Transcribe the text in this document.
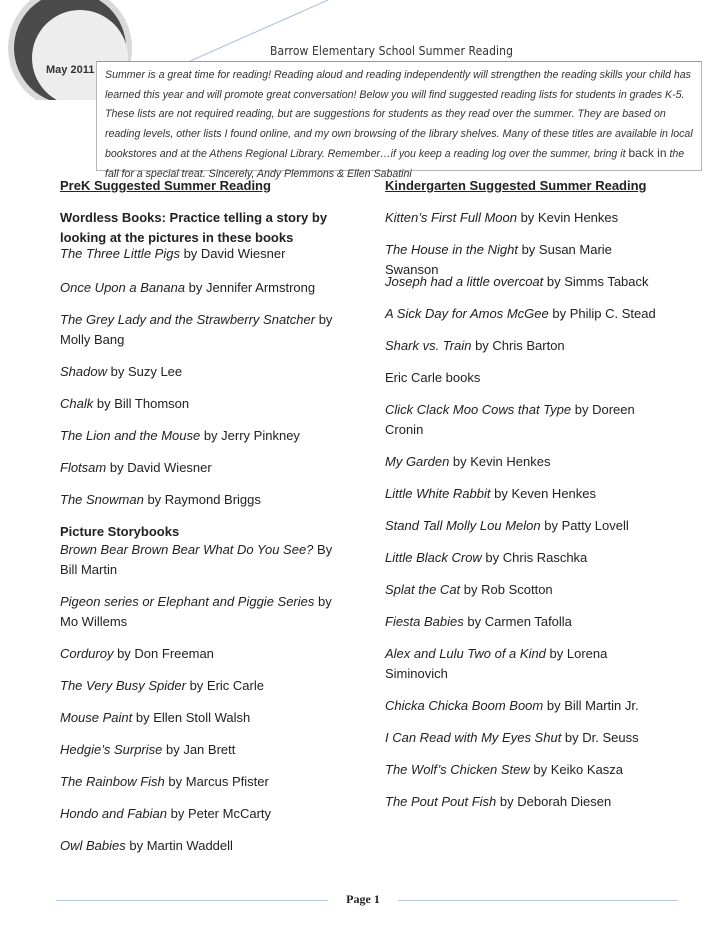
Barrow Elementary School Summer Reading
May 2011 Summer is a great time for reading! Reading aloud and reading independently will strengthen the reading skills your child has learned this year and will promote great conversation! Below you will find suggested reading lists for students in grades K-5. These lists are not required reading, but are suggestions for students as they read over the summer. They are based on reading levels, other lists I found online, and my own browsing of the library shelves. Many of these titles are available in local bookstores and at the Athens Regional Library. Remember…if you keep a reading log over the summer, bring it back in the fall for a special treat. Sincerely, Andy Plemmons & Ellen Sabatini
PreK Suggested Summer Reading
Wordless Books: Practice telling a story by looking at the pictures in these books
The Three Little Pigs by David Wiesner
Once Upon a Banana by Jennifer Armstrong
The Grey Lady and the Strawberry Snatcher by Molly Bang
Shadow by Suzy Lee
Chalk by Bill Thomson
The Lion and the Mouse by Jerry Pinkney
Flotsam by David Wiesner
The Snowman by Raymond Briggs
Picture Storybooks
Brown Bear Brown Bear What Do You See? By Bill Martin
Pigeon series or Elephant and Piggie Series by Mo Willems
Corduroy by Don Freeman
The Very Busy Spider by Eric Carle
Mouse Paint by Ellen Stoll Walsh
Hedgie’s Surprise by Jan Brett
The Rainbow Fish by Marcus Pfister
Hondo and Fabian by Peter McCarty
Owl Babies by Martin Waddell
Kindergarten Suggested Summer Reading
Kitten’s First Full Moon by Kevin Henkes
The House in the Night by Susan Marie Swanson
Joseph had a little overcoat by Simms Taback
A Sick Day for Amos McGee by Philip C. Stead
Shark vs. Train by Chris Barton
Eric Carle books
Click Clack Moo Cows that Type by Doreen Cronin
My Garden by Kevin Henkes
Little White Rabbit by Keven Henkes
Stand Tall Molly Lou Melon by Patty Lovell
Little Black Crow by Chris Raschka
Splat the Cat by Rob Scotton
Fiesta Babies by Carmen Tafolla
Alex and Lulu Two of a Kind by Lorena Siminovich
Chicka Chicka Boom Boom by Bill Martin Jr.
I Can Read with My Eyes Shut by Dr. Seuss
The Wolf’s Chicken Stew by Keiko Kasza
The Pout Pout Fish by Deborah Diesen
Page 1
